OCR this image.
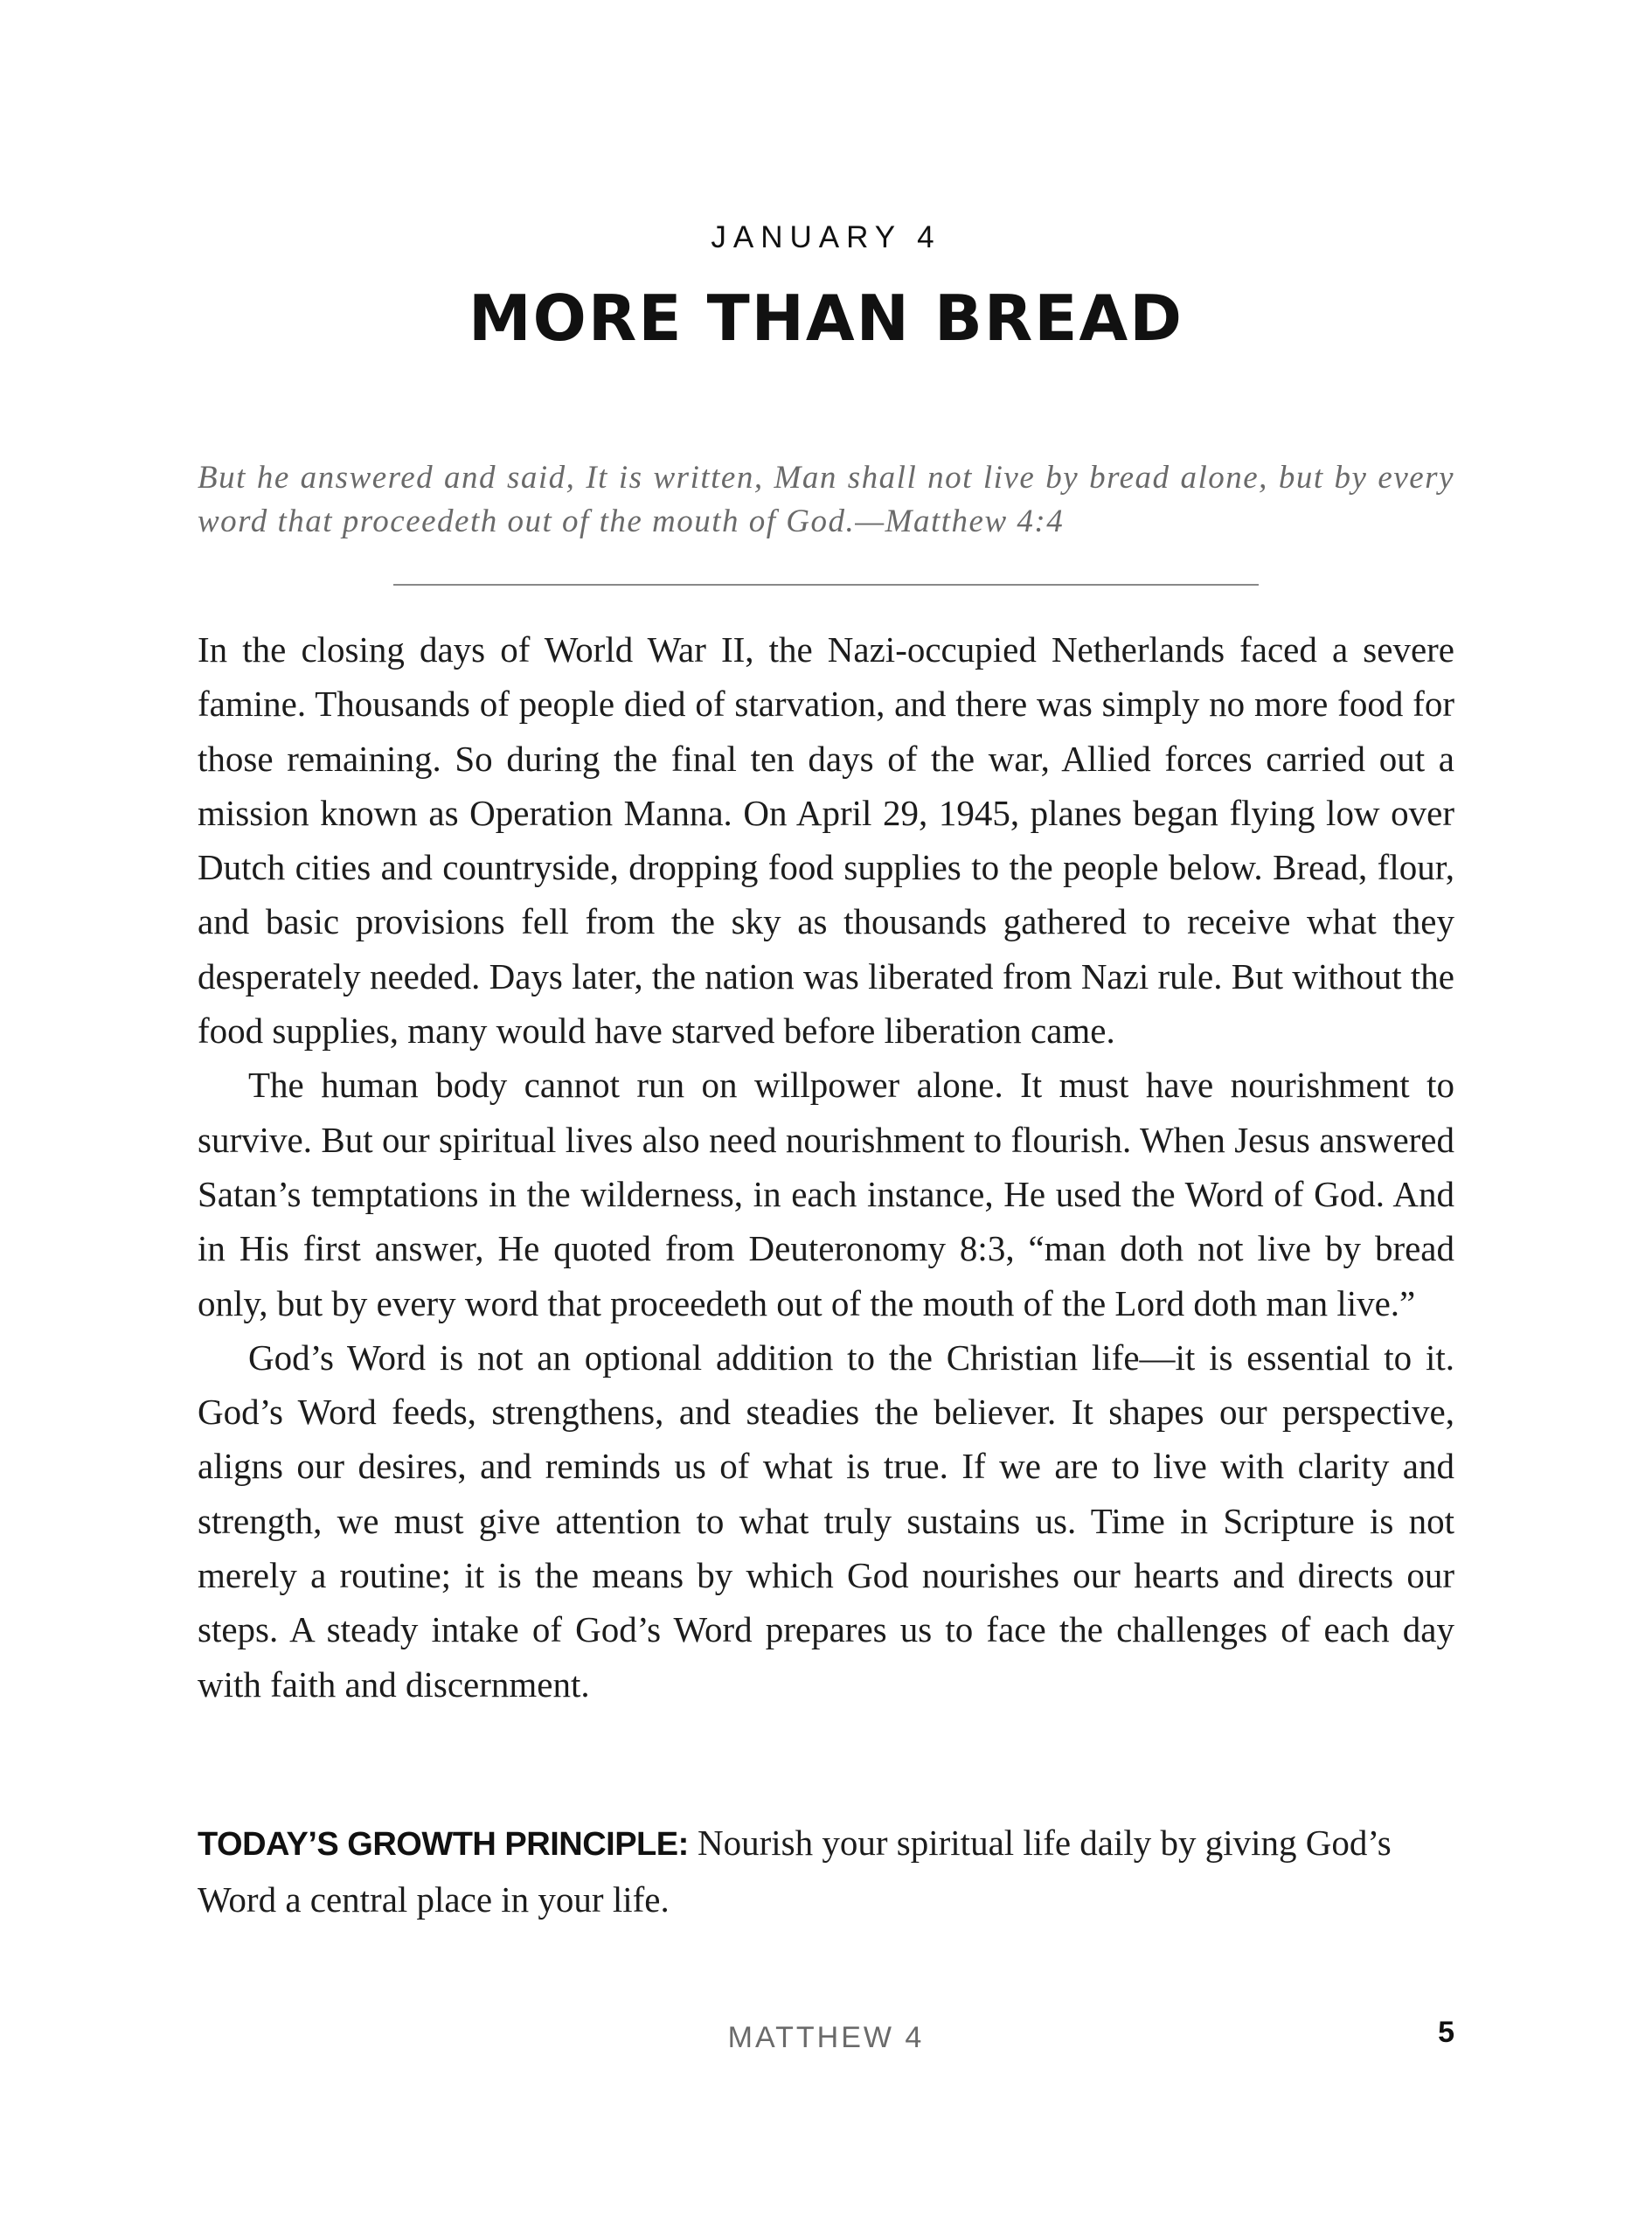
JANUARY 4
MORE THAN BREAD
But he answered and said, It is written, Man shall not live by bread alone, but by every word that proceedeth out of the mouth of God.—Matthew 4:4

In the closing days of World War II, the Nazi-occupied Netherlands faced a severe famine. Thousands of people died of starvation, and there was simply no more food for those remaining. So during the final ten days of the war, Allied forces carried out a mission known as Operation Manna. On April 29, 1945, planes began flying low over Dutch cities and countryside, dropping food supplies to the people below. Bread, flour, and basic provisions fell from the sky as thousands gathered to receive what they desperately needed. Days later, the nation was liberated from Nazi rule. But without the food supplies, many would have starved before liberation came.

The human body cannot run on willpower alone. It must have nourishment to survive. But our spiritual lives also need nourishment to flourish. When Jesus answered Satan’s temptations in the wilderness, in each instance, He used the Word of God. And in His first answer, He quoted from Deuteronomy 8:3, “man doth not live by bread only, but by every word that proceedeth out of the mouth of the Lord doth man live.”

God’s Word is not an optional addition to the Christian life—it is essential to it. God’s Word feeds, strengthens, and steadies the believer. It shapes our perspective, aligns our desires, and reminds us of what is true. If we are to live with clarity and strength, we must give attention to what truly sustains us. Time in Scripture is not merely a routine; it is the means by which God nourishes our hearts and directs our steps. A steady intake of God’s Word prepares us to face the challenges of each day with faith and discernment.

TODAY’S GROWTH PRINCIPLE: Nourish your spiritual life daily by giving God’s Word a central place in your life.
MATTHEW 4	5
